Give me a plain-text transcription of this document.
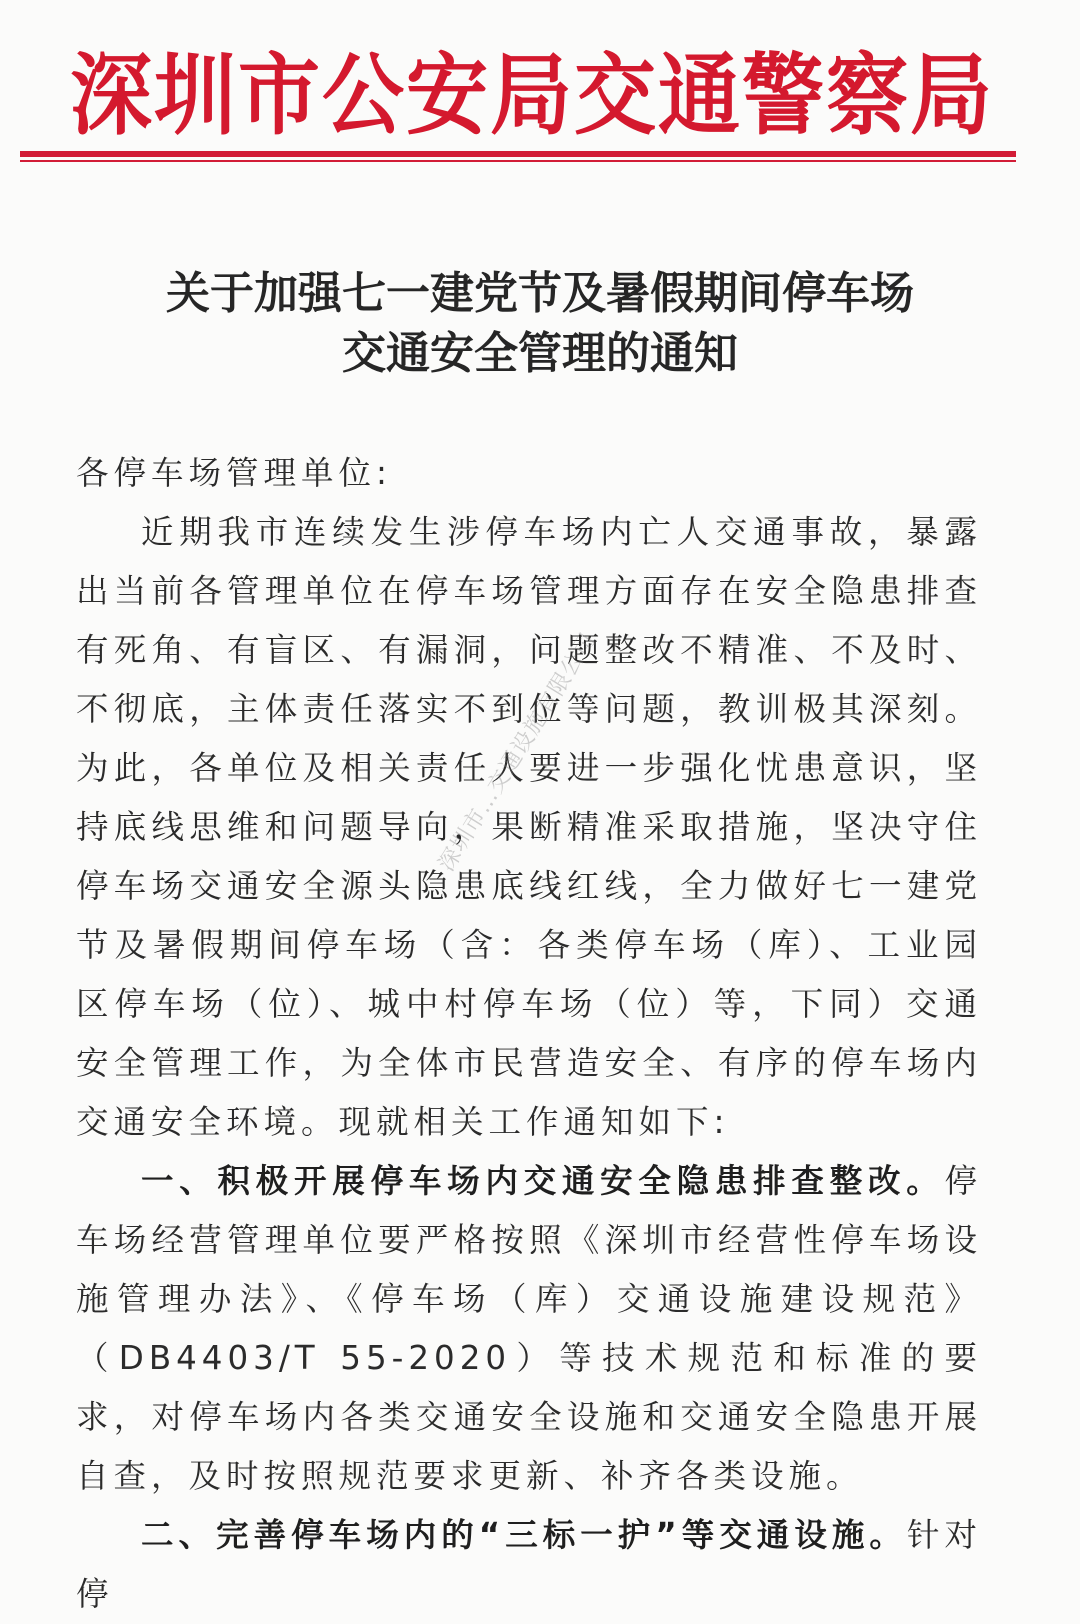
深圳市公安局交通警察局
关于加强七一建党节及暑假期间停车场
交通安全管理的通知

各停车场管理单位:

近期我市连续发生涉停车场内亡人交通事故，暴露出当前各管理单位在停车场管理方面存在安全隐患排查有死角、有盲区、有漏洞，问题整改不精准、不及时、不彻底，主体责任落实不到位等问题，教训极其深刻。为此，各单位及相关责任人要进一步强化忧患意识，坚持底线思维和问题导向，果断精准采取措施，坚决守住停车场交通安全源头隐患底线红线，全力做好七一建党节及暑假期间停车场（含：各类停车场（库）、工业园区停车场（位）、城中村停车场（位）等，下同）交通安全管理工作，为全体市民营造安全、有序的停车场内交通安全环境。现就相关工作通知如下:

一、积极开展停车场内交通安全隐患排查整改。停车场经营管理单位要严格按照《深圳市经营性停车场设施管理办法》、《停车场（库）交通设施建设规范》（DB4403/T 55-2020）等技术规范和标准的要求，对停车场内各类交通安全设施和交通安全隐患开展自查，及时按照规范要求更新、补齐各类设施。

二、完善停车场内的“三标一护”等交通设施。针对停

深圳市…交通设施有限公司
